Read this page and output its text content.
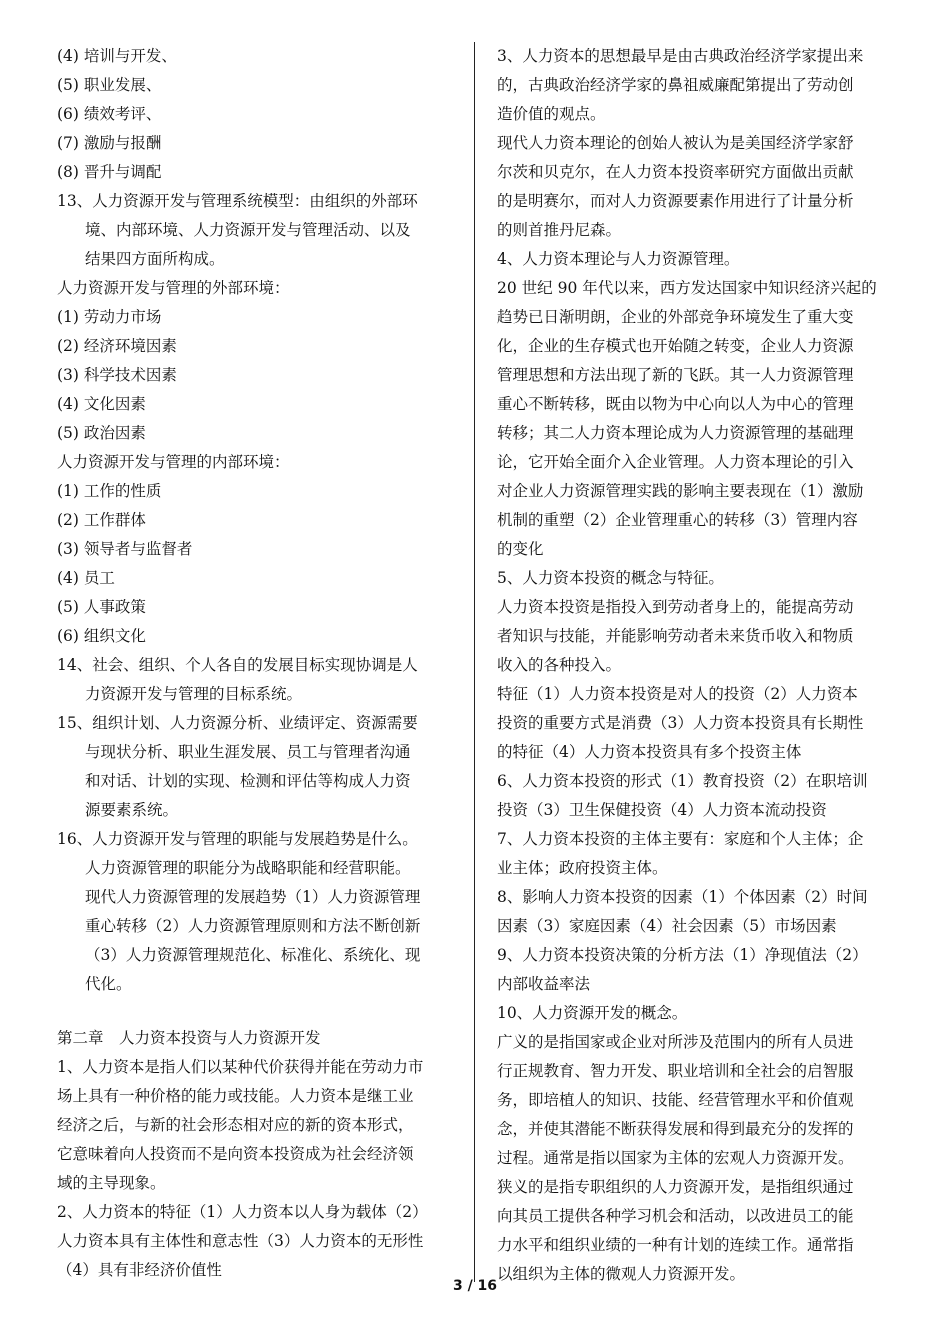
(4) 培训与开发、
(5) 职业发展、
(6) 绩效考评、
(7) 激励与报酬
(8) 晋升与调配
13、人力资源开发与管理系统模型：由组织的外部环
境、内部环境、人力资源开发与管理活动、以及
结果四方面所构成。
人力资源开发与管理的外部环境：
(1) 劳动力市场
(2) 经济环境因素
(3) 科学技术因素
(4) 文化因素
(5) 政治因素
人力资源开发与管理的内部环境：
(1) 工作的性质
(2) 工作群体
(3) 领导者与监督者
(4) 员工
(5) 人事政策
(6) 组织文化
14、社会、组织、个人各自的发展目标实现协调是人
力资源开发与管理的目标系统。
15、组织计划、人力资源分析、业绩评定、资源需要
与现状分析、职业生涯发展、员工与管理者沟通
和对话、计划的实现、检测和评估等构成人力资
源要素系统。
16、人力资源开发与管理的职能与发展趋势是什么。
人力资源管理的职能分为战略职能和经营职能。
现代人力资源管理的发展趋势（1）人力资源管理
重心转移（2）人力资源管理原则和方法不断创新
（3）人力资源管理规范化、标准化、系统化、现
代化。
第二章　人力资本投资与人力资源开发
1、人力资本是指人们以某种代价获得并能在劳动力市
场上具有一种价格的能力或技能。人力资本是继工业
经济之后，与新的社会形态相对应的新的资本形式，
它意味着向人投资而不是向资本投资成为社会经济领
域的主导现象。
2、人力资本的特征（1）人力资本以人身为载体（2）
人力资本具有主体性和意志性（3）人力资本的无形性
（4）具有非经济价值性
3、人力资本的思想最早是由古典政治经济学家提出来
的，古典政治经济学家的鼻祖威廉配第提出了劳动创
造价值的观点。
现代人力资本理论的创始人被认为是美国经济学家舒
尔茨和贝克尔，在人力资本投资率研究方面做出贡献
的是明赛尔，而对人力资源要素作用进行了计量分析
的则首推丹尼森。
4、人力资本理论与人力资源管理。
20 世纪 90 年代以来，西方发达国家中知识经济兴起的
趋势已日渐明朗，企业的外部竞争环境发生了重大变
化，企业的生存模式也开始随之转变，企业人力资源
管理思想和方法出现了新的飞跃。其一人力资源管理
重心不断转移，既由以物为中心向以人为中心的管理
转移；其二人力资本理论成为人力资源管理的基础理
论，它开始全面介入企业管理。人力资本理论的引入
对企业人力资源管理实践的影响主要表现在（1）激励
机制的重塑（2）企业管理重心的转移（3）管理内容
的变化
5、人力资本投资的概念与特征。
人力资本投资是指投入到劳动者身上的，能提高劳动
者知识与技能，并能影响劳动者未来货币收入和物质
收入的各种投入。
特征（1）人力资本投资是对人的投资（2）人力资本
投资的重要方式是消费（3）人力资本投资具有长期性
的特征（4）人力资本投资具有多个投资主体
6、人力资本投资的形式（1）教育投资（2）在职培训
投资（3）卫生保健投资（4）人力资本流动投资
7、人力资本投资的主体主要有：家庭和个人主体；企
业主体；政府投资主体。
8、影响人力资本投资的因素（1）个体因素（2）时间
因素（3）家庭因素（4）社会因素（5）市场因素
9、人力资本投资决策的分析方法（1）净现值法（2）
内部收益率法
10、人力资源开发的概念。
广义的是指国家或企业对所涉及范围内的所有人员进
行正规教育、智力开发、职业培训和全社会的启智服
务，即培植人的知识、技能、经营管理水平和价值观
念，并使其潜能不断获得发展和得到最充分的发挥的
过程。通常是指以国家为主体的宏观人力资源开发。
狭义的是指专职组织的人力资源开发，是指组织通过
向其员工提供各种学习机会和活动，以改进员工的能
力水平和组织业绩的一种有计划的连续工作。通常指
以组织为主体的微观人力资源开发。
3 / 16
